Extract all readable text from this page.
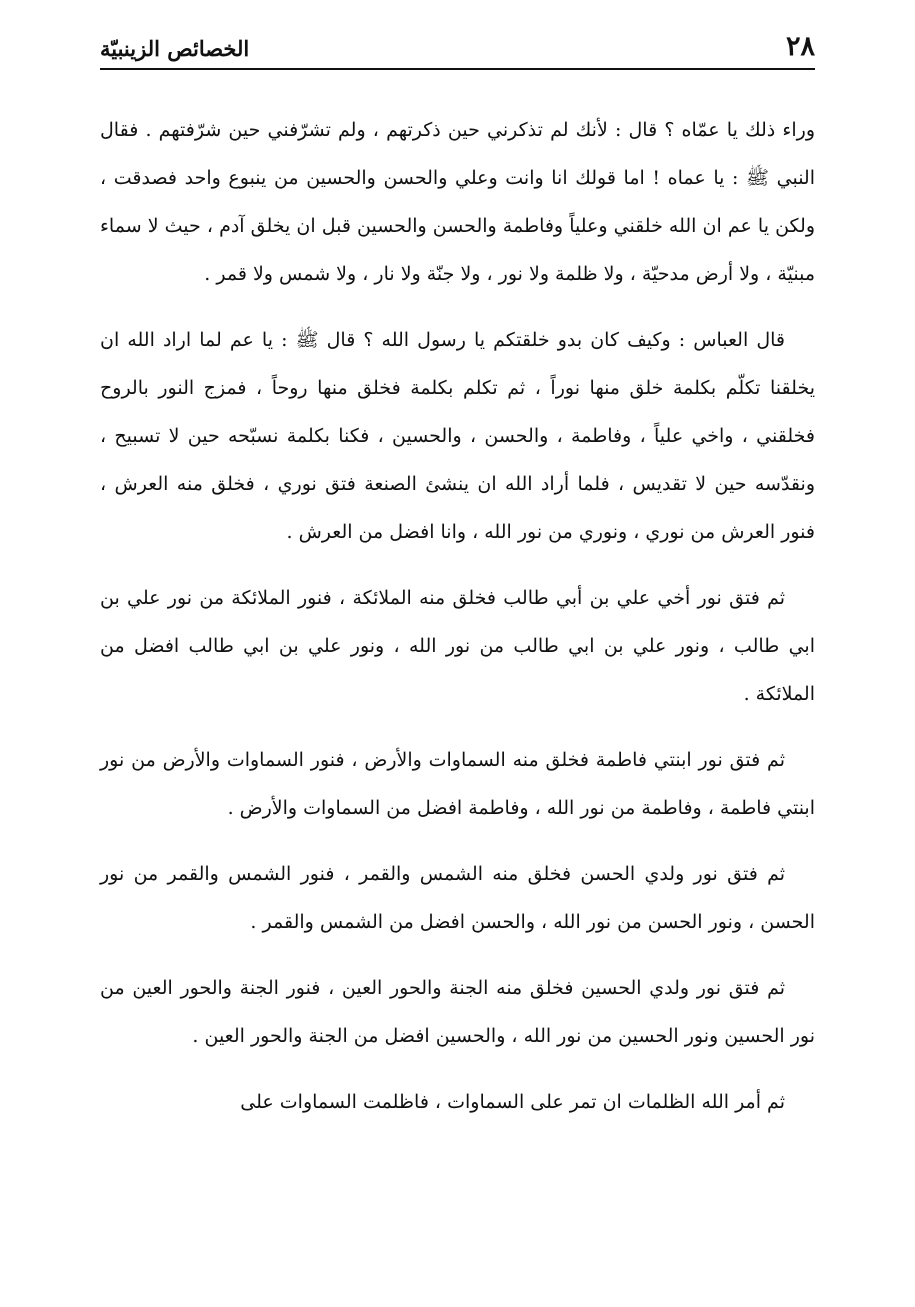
٢٨
الخصائص الزينبيّة

وراء ذلك يا عمّاه ؟ قال : لأنك لم تذكرني حين ذكرتهم ، ولم تشرّفني حين شرّفتهم . فقال النبي ﷺ : يا عماه ! اما قولك انا وانت وعلي والحسن والحسين من ينبوع واحد فصدقت ، ولكن يا عم ان الله خلقني وعلياً وفاطمة والحسن والحسين قبل ان يخلق آدم ، حيث لا سماء مبنيّة ، ولا أرض مدحيّة ، ولا ظلمة ولا نور ، ولا جنّة ولا نار ، ولا شمس ولا قمر .

قال العباس : وكيف كان بدو خلقتكم يا رسول الله ؟ قال ﷺ : يا عم لما اراد الله ان يخلقنا تكلّم بكلمة خلق منها نوراً ، ثم تكلم بكلمة فخلق منها روحاً ، فمزج النور بالروح فخلقني ، واخي علياً ، وفاطمة ، والحسن ، والحسين ، فكنا بكلمة نسبّحه حين لا تسبيح ، ونقدّسه حين لا تقديس ، فلما أراد الله ان ينشئ الصنعة فتق نوري ، فخلق منه العرش ، فنور العرش من نوري ، ونوري من نور الله ، وانا افضل من العرش .

ثم فتق نور أخي علي بن أبي طالب فخلق منه الملائكة ، فنور الملائكة من نور علي بن ابي طالب ، ونور علي بن ابي طالب من نور الله ، ونور علي بن ابي طالب افضل من الملائكة .

ثم فتق نور ابنتي فاطمة فخلق منه السماوات والأرض ، فنور السماوات والأرض من نور ابنتي فاطمة ، وفاطمة من نور الله ، وفاطمة افضل من السماوات والأرض .

ثم فتق نور ولدي الحسن فخلق منه الشمس والقمر ، فنور الشمس والقمر من نور الحسن ، ونور الحسن من نور الله ، والحسن افضل من الشمس والقمر .

ثم فتق نور ولدي الحسين فخلق منه الجنة والحور العين ، فنور الجنة والحور العين من نور الحسين ونور الحسين من نور الله ، والحسين افضل من الجنة والحور العين .

ثم أمر الله الظلمات ان تمر على السماوات ، فاظلمت السماوات على
